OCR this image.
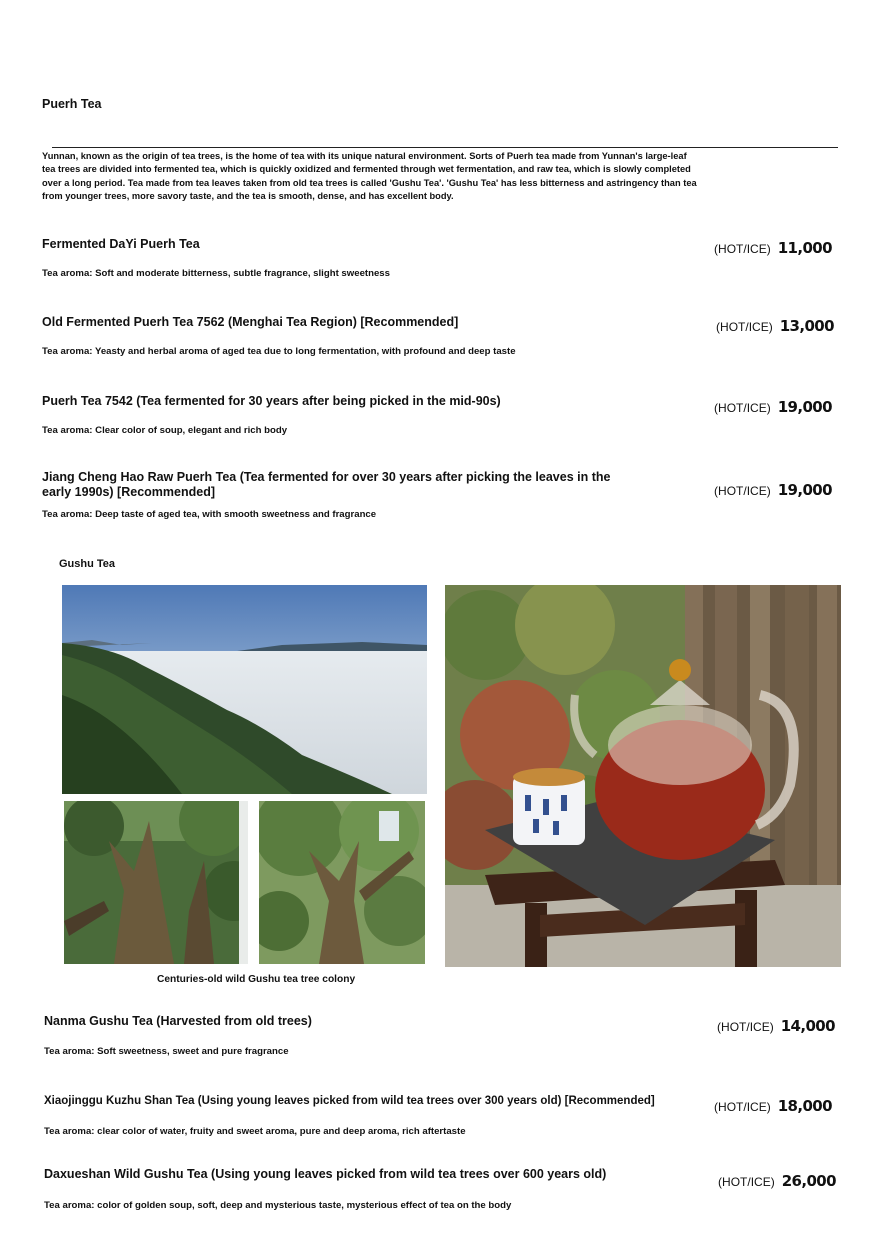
Puerh Tea
Yunnan, known as the origin of tea trees, is the home of tea with its unique natural environment. Sorts of Puerh tea made from Yunnan's large-leaf tea trees are divided into fermented tea, which is quickly oxidized and fermented through wet fermentation, and raw tea, which is slowly completed over a long period. Tea made from tea leaves taken from old tea trees is called 'Gushu Tea'. 'Gushu Tea' has less bitterness and astringency than tea from younger trees, more savory taste, and the tea is smooth, dense, and has excellent body.
Fermented DaYi Puerh Tea
Tea aroma: Soft and moderate bitterness, subtle fragrance, slight sweetness
(HOT/ICE) 11,000
Old Fermented Puerh Tea 7562 (Menghai Tea Region) [Recommended]
Tea aroma: Yeasty and herbal aroma of aged tea due to long fermentation, with profound and deep taste
(HOT/ICE) 13,000
Puerh Tea 7542 (Tea fermented for 30 years after being picked in the mid-90s)
Tea aroma: Clear color of soup, elegant and rich body
(HOT/ICE) 19,000
Jiang Cheng Hao Raw Puerh Tea (Tea fermented for over 30 years after picking the leaves in the early 1990s) [Recommended]
Tea aroma: Deep taste of aged tea, with smooth sweetness and fragrance
(HOT/ICE) 19,000
Gushu Tea
Centuries-old wild Gushu tea tree colony
Nanma Gushu Tea (Harvested from old trees)
Tea aroma: Soft sweetness, sweet and pure fragrance
(HOT/ICE) 14,000
Xiaojinggu Kuzhu Shan Tea (Using young leaves picked from wild tea trees over 300 years old) [Recommended]
Tea aroma: clear color of water, fruity and sweet aroma, pure and deep aroma, rich aftertaste
(HOT/ICE) 18,000
Daxueshan Wild Gushu Tea (Using young leaves picked from wild tea trees over 600 years old)
Tea aroma: color of golden soup, soft, deep and mysterious taste, mysterious effect of tea on the body
(HOT/ICE) 26,000
